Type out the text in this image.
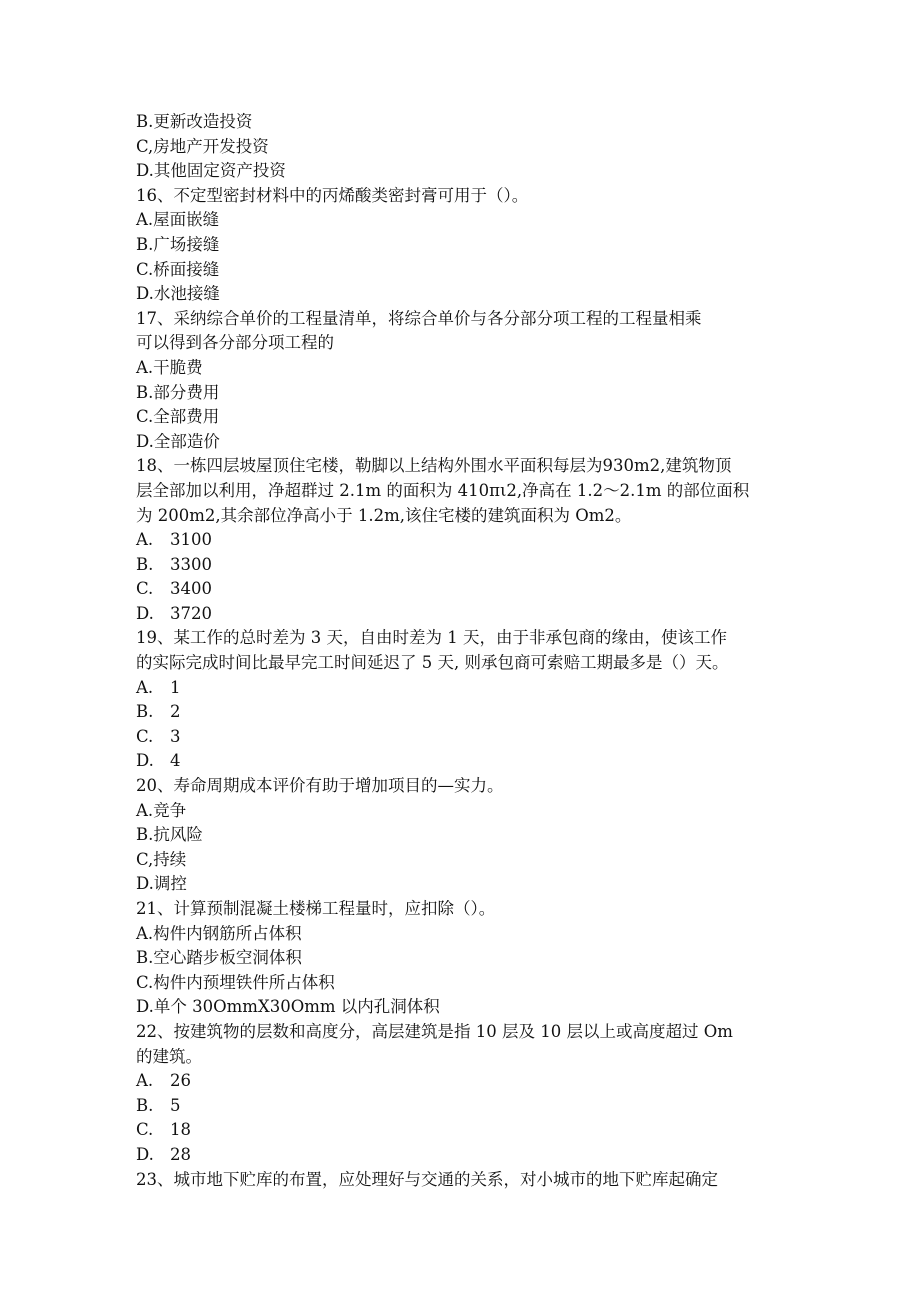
B.更新改造投资
C,房地产开发投资
D.其他固定资产投资
16、不定型密封材料中的丙烯酸类密封膏可用于（）。
A.屋面嵌缝
B.广场接缝
C.桥面接缝
D.水池接缝
17、采纳综合单价的工程量清单，将综合单价与各分部分项工程的工程量相乘
可以得到各分部分项工程的
A.干脆费
B.部分费用
C.全部费用
D.全部造价
18、一栋四层坡屋顶住宅楼，勒脚以上结构外围水平面积每层为930m2,建筑物顶
层全部加以利用，净超群过 2.1m 的面积为 410πι2,净高在 1.2～2.1m 的部位面积
为 200m2,其余部位净高小于 1.2m,该住宅楼的建筑面积为 Om2。
A. 3100
B. 3300
C. 3400
D. 3720
19、某工作的总时差为 3 天，自由时差为 1 天，由于非承包商的缘由，使该工作
的实际完成时间比最早完工时间延迟了 5 天, 则承包商可索赔工期最多是（）天。
A. 1
B. 2
C. 3
D. 4
20、寿命周期成本评价有助于增加项目的—实力。
A.竞争
B.抗风险
C,持续
D.调控
21、计算预制混凝土楼梯工程量时，应扣除（）。
A.构件内钢筋所占体积
B.空心踏步板空洞体积
C.构件内预埋铁件所占体积
D.单个 30OmmX30Omm 以内孔洞体积
22、按建筑物的层数和高度分，高层建筑是指 10 层及 10 层以上或高度超过 Om
的建筑。
A. 26
B. 5
C. 18
D. 28
23、城市地下贮库的布置，应处理好与交通的关系，对小城市的地下贮库起确定
